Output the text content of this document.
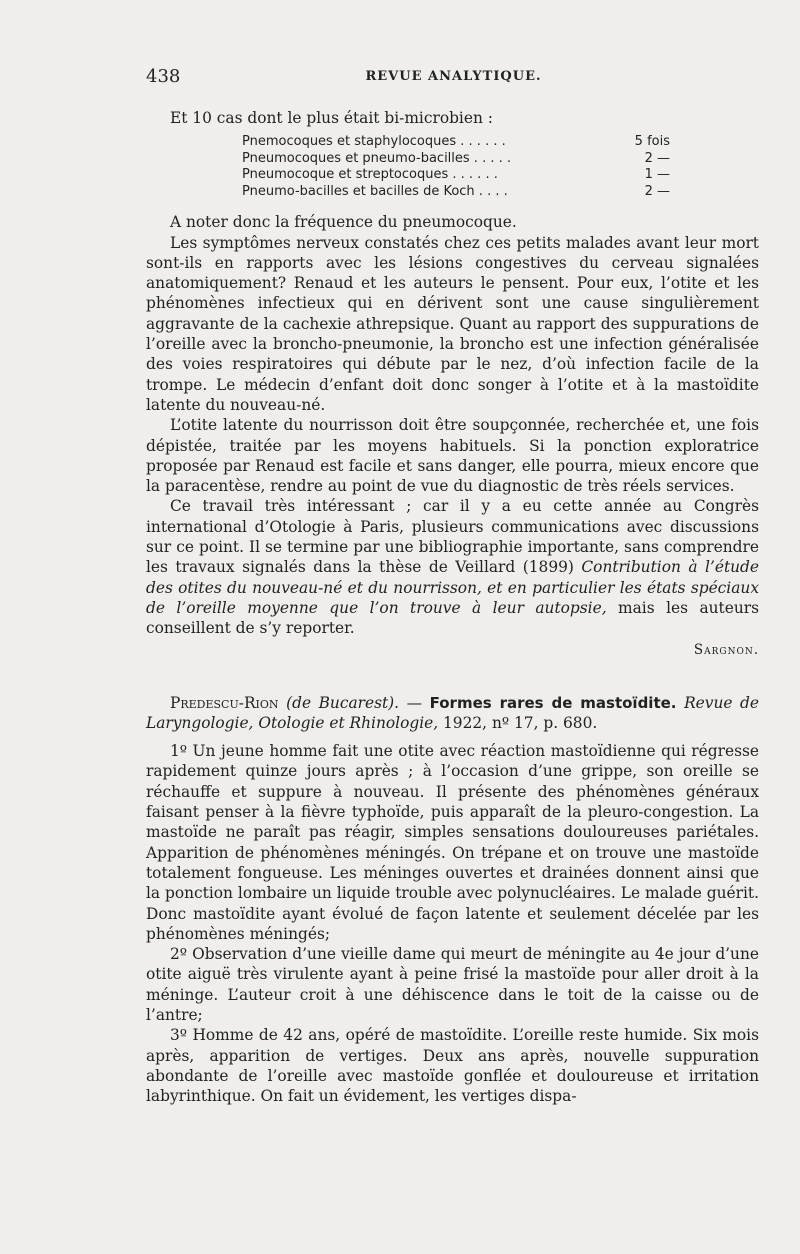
438	REVUE ANALYTIQUE.

Et 10 cas dont le plus était bi-microbien :

Pnemocoques et staphylocoques . . . . . .	5 fois
Pneumocoques et pneumo-bacilles . . . . .	2 —
Pneumocoque et streptocoques . . . . . .	1 —
Pneumo-bacilles et bacilles de Koch . . . .	2 —

A noter donc la fréquence du pneumocoque.

Les symptômes nerveux constatés chez ces petits malades avant leur mort sont-ils en rapports avec les lésions congestives du cerveau signalées anatomiquement? Renaud et les auteurs le pensent. Pour eux, l’otite et les phénomènes infectieux qui en dérivent sont une cause singulièrement aggravante de la cachexie athrepsique. Quant au rapport des suppurations de l’oreille avec la broncho-pneumonie, la broncho est une infection généralisée des voies respiratoires qui débute par le nez, d’où infection facile de la trompe. Le médecin d’enfant doit donc songer à l’otite et à la mastoïdite latente du nouveau-né.

L’otite latente du nourrisson doit être soupçonnée, recherchée et, une fois dépistée, traitée par les moyens habituels. Si la ponction exploratrice proposée par Renaud est facile et sans danger, elle pourra, mieux encore que la paracentèse, rendre au point de vue du diagnostic de très réels services.

Ce travail très intéressant ; car il y a eu cette année au Congrès international d’Otologie à Paris, plusieurs communications avec discussions sur ce point. Il se termine par une bibliographie importante, sans comprendre les travaux signalés dans la thèse de Veillard (1899) Contribution à l’étude des otites du nouveau-né et du nourrisson, et en particulier les états spéciaux de l’oreille moyenne que l’on trouve à leur autopsie, mais les auteurs conseillent de s’y reporter.

Sargnon.

Predescu-Rion (de Bucarest). — Formes rares de mastoïdite. Revue de Laryngologie, Otologie et Rhinologie, 1922, nº 17, p. 680.

1º Un jeune homme fait une otite avec réaction mastoïdienne qui régresse rapidement quinze jours après ; à l’occasion d’une grippe, son oreille se réchauffe et suppure à nouveau. Il présente des phénomènes généraux faisant penser à la fièvre typhoïde, puis apparaît de la pleuro-congestion. La mastoïde ne paraît pas réagir, simples sensations douloureuses pariétales. Apparition de phénomènes méningés. On trépane et on trouve une mastoïde totalement fongueuse. Les méninges ouvertes et drainées donnent ainsi que la ponction lombaire un liquide trouble avec polynucléaires. Le malade guérit. Donc mastoïdite ayant évolué de façon latente et seulement décelée par les phénomènes méningés;

2º Observation d’une vieille dame qui meurt de méningite au 4e jour d’une otite aiguë très virulente ayant à peine frisé la mastoïde pour aller droit à la méninge. L’auteur croit à une déhiscence dans le toit de la caisse ou de l’antre;

3º Homme de 42 ans, opéré de mastoïdite. L’oreille reste humide. Six mois après, apparition de vertiges. Deux ans après, nouvelle suppuration abondante de l’oreille avec mastoïde gonflée et douloureuse et irritation labyrinthique. On fait un évidement, les vertiges dispa-
